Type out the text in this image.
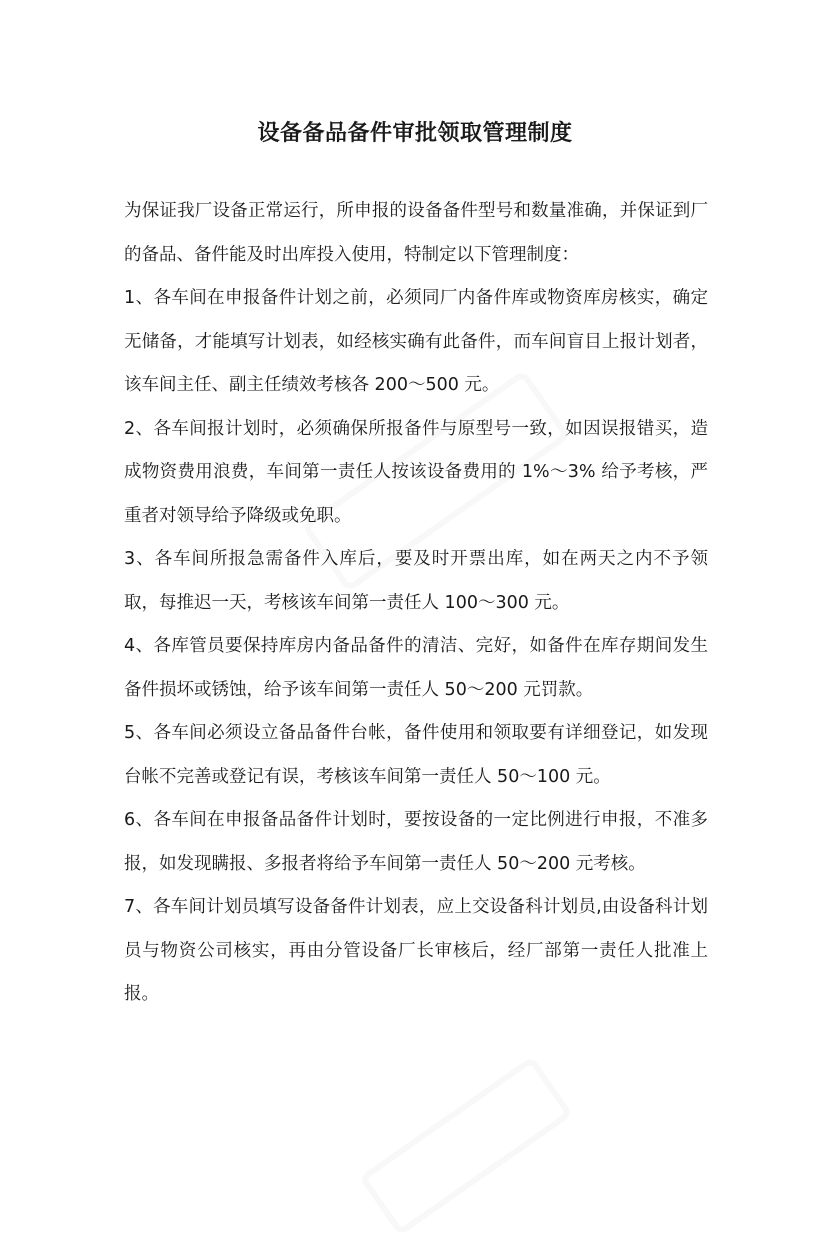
设备备品备件审批领取管理制度

为保证我厂设备正常运行，所申报的设备备件型号和数量准确，并保证到厂的备品、备件能及时出库投入使用，特制定以下管理制度：

1、各车间在申报备件计划之前，必须同厂内备件库或物资库房核实，确定无储备，才能填写计划表，如经核实确有此备件，而车间盲目上报计划者，该车间主任、副主任绩效考核各 200～500 元。

2、各车间报计划时，必须确保所报备件与原型号一致，如因误报错买，造成物资费用浪费，车间第一责任人按该设备费用的 1%～3% 给予考核，严重者对领导给予降级或免职。

3、各车间所报急需备件入库后，要及时开票出库，如在两天之内不予领取，每推迟一天，考核该车间第一责任人 100～300 元。

4、各库管员要保持库房内备品备件的清洁、完好，如备件在库存期间发生备件损坏或锈蚀，给予该车间第一责任人 50～200 元罚款。

5、各车间必须设立备品备件台帐，备件使用和领取要有详细登记，如发现台帐不完善或登记有误，考核该车间第一责任人 50～100 元。

6、各车间在申报备品备件计划时，要按设备的一定比例进行申报，不准多报，如发现瞒报、多报者将给予车间第一责任人 50～200 元考核。

7、各车间计划员填写设备备件计划表，应上交设备科计划员,由设备科计划员与物资公司核实，再由分管设备厂长审核后，经厂部第一责任人批准上报。
